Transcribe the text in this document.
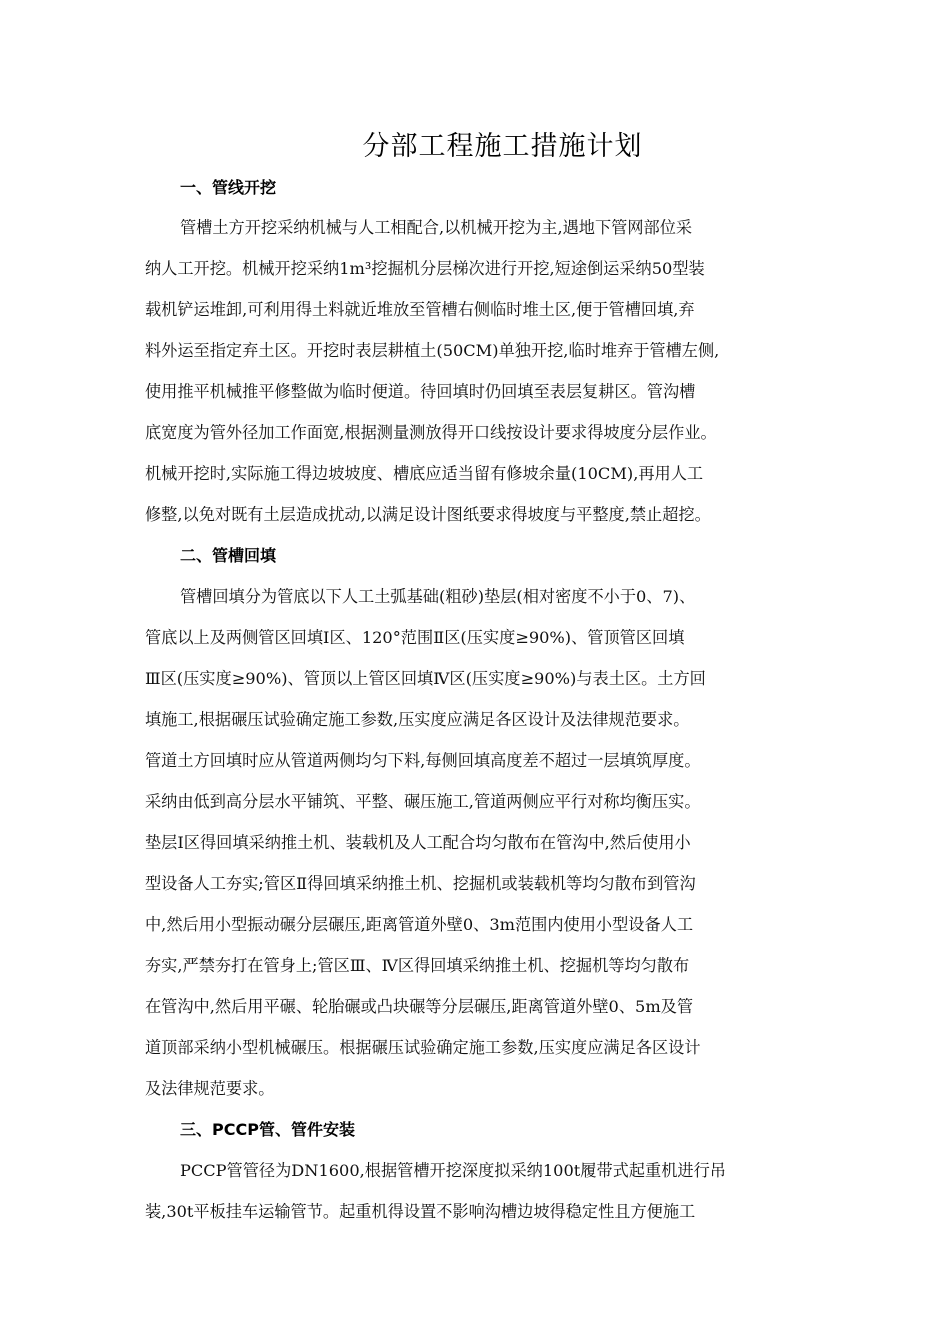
分部工程施工措施计划
一、管线开挖
管槽土方开挖采纳机械与人工相配合,以机械开挖为主,遇地下管网部位采
纳人工开挖。机械开挖采纳1m³挖掘机分层梯次进行开挖,短途倒运采纳50型装
载机铲运堆卸,可利用得土料就近堆放至管槽右侧临时堆土区,便于管槽回填,弃
料外运至指定弃土区。开挖时表层耕植土(50CM)单独开挖,临时堆弃于管槽左侧,
使用推平机械推平修整做为临时便道。待回填时仍回填至表层复耕区。管沟槽
底宽度为管外径加工作面宽,根据测量测放得开口线按设计要求得坡度分层作业。
机械开挖时,实际施工得边坡坡度、槽底应适当留有修坡余量(10CM),再用人工
修整,以免对既有土层造成扰动,以满足设计图纸要求得坡度与平整度,禁止超挖。
二、管槽回填
管槽回填分为管底以下人工土弧基础(粗砂)垫层(相对密度不小于0、7)、
管底以上及两侧管区回填Ⅰ区、120°范围Ⅱ区(压实度≥90%)、管顶管区回填
Ⅲ区(压实度≥90%)、管顶以上管区回填Ⅳ区(压实度≥90%)与表土区。土方回
填施工,根据碾压试验确定施工参数,压实度应满足各区设计及法律规范要求。
管道土方回填时应从管道两侧均匀下料,每侧回填高度差不超过一层填筑厚度。
采纳由低到高分层水平铺筑、平整、碾压施工,管道两侧应平行对称均衡压实。
垫层Ⅰ区得回填采纳推土机、装载机及人工配合均匀散布在管沟中,然后使用小
型设备人工夯实;管区Ⅱ得回填采纳推土机、挖掘机或装载机等均匀散布到管沟
中,然后用小型振动碾分层碾压,距离管道外壁0、3m范围内使用小型设备人工
夯实,严禁夯打在管身上;管区Ⅲ、Ⅳ区得回填采纳推土机、挖掘机等均匀散布
在管沟中,然后用平碾、轮胎碾或凸块碾等分层碾压,距离管道外壁0、5m及管
道顶部采纳小型机械碾压。根据碾压试验确定施工参数,压实度应满足各区设计
及法律规范要求。
三、PCCP管、管件安装
PCCP管管径为DN1600,根据管槽开挖深度拟采纳100t履带式起重机进行吊
装,30t平板挂车运输管节。起重机得设置不影响沟槽边坡得稳定性且方便施工
